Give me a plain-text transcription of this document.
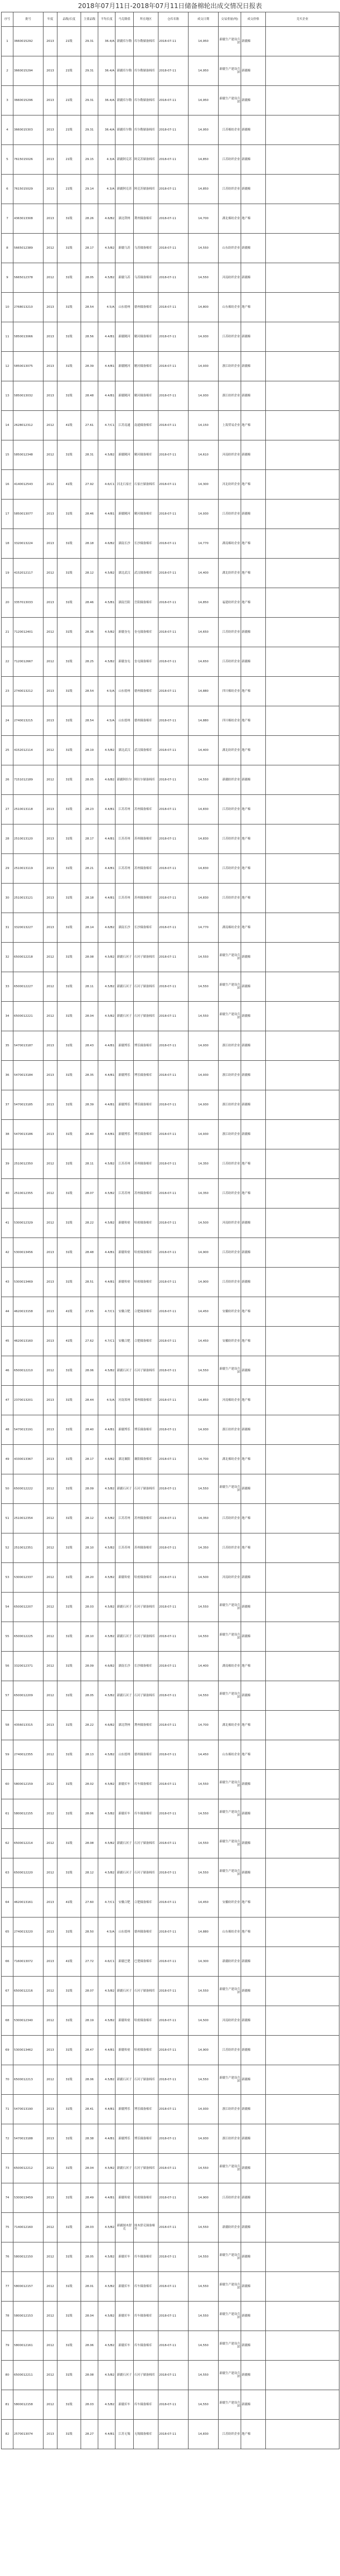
2018年07月11日-2018年07月11日储备棉轮出成交情况日报表
序号	批号	年度	品级/长度	主要品级	平均长度	马克隆值	所在地区	仓库名称	成交日期	交易重量(吨)	成交价格	竞买企业
1	3660015292	2013	21级	29.31	36.4/A	新疆库尔勒	库尔勒储备棉库	2018-07-11	14,950	新疆生产建设兵团	新疆棉	
2	3660015294	2013	21级	29.31	36.4/A	新疆库尔勒	库尔勒储备棉库	2018-07-11	14,950	新疆生产建设兵团	新疆棉	
3	3660015296	2013	21级	29.31	36.4/A	新疆库尔勒	库尔勒储备棉库	2018-07-11	14,950	新疆生产建设兵团	新疆棉	
4	3660015303	2013	21级	29.31	36.4/A	新疆库尔勒	库尔勒储备棉库	2018-07-11	14,950	江苏棉纺企业	新疆棉	
5	7615015026	2013	21级	29.15	4.3/A	新疆阿克苏	阿克苏储备棉库	2018-07-11	14,850	江苏纺织企业	新疆棉	
6	7615015029	2013	21级	29.14	4.3/A	新疆阿克苏	阿克苏储备棉库	2018-07-11	14,850	江苏纺织企业	新疆棉	
7	4363013308	2013	31级	28.26	4.6/B2	湖北荆州	荆州储备棉库	2018-07-11	14,700	湖北棉纺企业	地产棉	
8	5665012389	2012	31级	28.17	4.5/B2	新疆乌苏	乌苏储备棉库	2018-07-11	14,550	山东纺织企业	新疆棉	
9	5665012378	2012	31级	28.05	4.5/B2	新疆乌苏	乌苏储备棉库	2018-07-11	14,550	河南纺织企业	新疆棉	
10	2768013210	2013	31级	28.54	4.5/A	山东德州	德州储备棉库	2018-07-11	14,800	山东棉纺企业	地产棉	
11	5850013066	2013	31级	28.56	4.4/B1	新疆精河	精河储备棉库	2018-07-11	14,930	江苏纺织企业	新疆棉	
12	5850013075	2013	31级	28.39	4.4/B1	新疆精河	精河储备棉库	2018-07-11	14,930	浙江纺织企业	新疆棉	
13	5850013032	2013	31级	28.48	4.4/B1	新疆精河	精河储备棉库	2018-07-11	14,930	浙江纺织企业	新疆棉	
14	2628012312	2012	41级	27.61	4.7/C1	江苏南通	南通储备棉库	2018-07-11	14,150	上海贸易企业	地产棉	
15	5850012348	2012	31级	28.31	4.5/B2	新疆精河	精河储备棉库	2018-07-11	14,610	河南纺织企业	新疆棉	
16	4140012543	2012	41级	27.92	4.6/C1	河北石家庄	石家庄储备棉库	2018-07-11	14,300	河北纺织企业	地产棉	
17	5850013077	2013	31级	28.46	4.4/B1	新疆精河	精河储备棉库	2018-07-11	14,930	江苏纺织企业	新疆棉	
18	3320013224	2013	31级	28.18	4.6/B2	湖南长沙	长沙储备棉库	2018-07-11	14,770	湖南棉纺企业	地产棉	
19	4152012117	2012	31级	28.12	4.5/B2	湖北武汉	武汉储备棉库	2018-07-11	14,400	湖北纺织企业	地产棉	
20	3357013033	2013	31级	28.46	4.5/B1	湖南岳阳	岳阳储备棉库	2018-07-11	14,850	福建纺织企业	地产棉	
21	7120012401	2012	31级	28.36	4.5/B2	新疆奎屯	奎屯储备棉库	2018-07-11	14,650	江苏纺织企业	新疆棉	
22	7120012667	2012	31级	28.25	4.5/B2	新疆奎屯	奎屯储备棉库	2018-07-11	14,650	江苏纺织企业	新疆棉	
23	2740013212	2013	31级	28.54	4.5/A	山东德州	德州储备棉库	2018-07-11	14,880	四川棉纺企业	地产棉	
24	2740013215	2013	31级	28.54	4.5/A	山东德州	德州储备棉库	2018-07-11	14,880	四川棉纺企业	地产棉	
25	4152012114	2012	31级	28.19	4.5/B2	湖北武汉	武汉储备棉库	2018-07-11	14,400	湖北纺织企业	地产棉	
26	7151012189	2012	31级	28.05	4.6/B2	新疆阿拉尔	阿拉尔储备棉库	2018-07-11	14,550	新疆纺织企业	新疆棉	
27	2510013118	2013	31级	28.23	4.4/B1	江苏苏州	苏州储备棉库	2018-07-11	14,830	江苏纺织企业	地产棉	
28	2510013120	2013	31级	28.17	4.4/B1	江苏苏州	苏州储备棉库	2018-07-11	14,830	江苏纺织企业	地产棉	
29	2510013119	2013	31级	28.21	4.4/B1	江苏苏州	苏州储备棉库	2018-07-11	14,830	江苏纺织企业	地产棉	
30	2510013121	2013	31级	28.18	4.4/B1	江苏苏州	苏州储备棉库	2018-07-11	14,830	江苏纺织企业	地产棉	
31	3320013227	2013	31级	28.14	4.6/B2	湖南长沙	长沙储备棉库	2018-07-11	14,770	湖南棉纺企业	地产棉	
32	6500012218	2012	31级	28.08	4.5/B2	新疆石河子	石河子储备棉库	2018-07-11	14,550	新疆生产建设兵团	新疆棉	
33	6500012227	2012	31级	28.11	4.5/B2	新疆石河子	石河子储备棉库	2018-07-11	14,550	新疆生产建设兵团	新疆棉	
34	6500012221	2012	31级	28.04	4.5/B2	新疆石河子	石河子储备棉库	2018-07-11	14,550	新疆生产建设兵团	新疆棉	
35	5470013187	2013	31级	28.43	4.4/B1	新疆博乐	博乐储备棉库	2018-07-11	14,930	浙江纺织企业	新疆棉	
36	5470013184	2013	31级	28.35	4.4/B1	新疆博乐	博乐储备棉库	2018-07-11	14,930	浙江纺织企业	新疆棉	
37	5470013185	2013	31级	28.39	4.4/B1	新疆博乐	博乐储备棉库	2018-07-11	14,930	浙江纺织企业	新疆棉	
38	5470013186	2013	31级	28.40	4.4/B1	新疆博乐	博乐储备棉库	2018-07-11	14,930	浙江纺织企业	新疆棉	
39	2510012350	2012	31级	28.11	4.5/B2	江苏苏州	苏州储备棉库	2018-07-11	14,350	江苏纺织企业	地产棉	
40	2510012355	2012	31级	28.07	4.5/B2	江苏苏州	苏州储备棉库	2018-07-11	14,350	江苏纺织企业	地产棉	
41	5300012329	2012	31级	28.22	4.5/B2	新疆哈密	哈密储备棉库	2018-07-11	14,500	河南纺织企业	新疆棉	
42	5300013456	2013	31级	28.48	4.4/B1	新疆哈密	哈密储备棉库	2018-07-11	14,900	江苏纺织企业	新疆棉	
43	5300013469	2013	31级	28.51	4.4/B1	新疆哈密	哈密储备棉库	2018-07-11	14,900	江苏纺织企业	新疆棉	
44	4620013158	2013	41级	27.65	4.7/C1	安徽合肥	合肥储备棉库	2018-07-11	14,450	安徽纺织企业	地产棉	
45	4620013160	2013	41级	27.62	4.7/C1	安徽合肥	合肥储备棉库	2018-07-11	14,450	安徽纺织企业	地产棉	
46	6500012210	2012	31级	28.06	4.5/B2	新疆石河子	石河子储备棉库	2018-07-11	14,550	新疆生产建设兵团	新疆棉	
47	2370013201	2013	31级	28.44	4.5/A	河南郑州	郑州储备棉库	2018-07-11	14,850	河南棉纺企业	地产棉	
48	5470013191	2013	31级	28.40	4.4/B1	新疆博乐	博乐储备棉库	2018-07-11	14,930	浙江纺织企业	新疆棉	
49	4330013367	2013	31级	28.17	4.6/B2	湖北襄阳	襄阳储备棉库	2018-07-11	14,700	湖北棉纺企业	地产棉	
50	6500012222	2012	31级	28.09	4.5/B2	新疆石河子	石河子储备棉库	2018-07-11	14,550	新疆生产建设兵团	新疆棉	
51	2510012354	2012	31级	28.12	4.5/B2	江苏苏州	苏州储备棉库	2018-07-11	14,350	江苏纺织企业	地产棉	
52	2510012351	2012	31级	28.10	4.5/B2	江苏苏州	苏州储备棉库	2018-07-11	14,350	江苏纺织企业	地产棉	
53	5300012337	2012	31级	28.20	4.5/B2	新疆哈密	哈密储备棉库	2018-07-11	14,500	河南纺织企业	新疆棉	
54	6500012207	2012	31级	28.03	4.5/B2	新疆石河子	石河子储备棉库	2018-07-11	14,550	新疆生产建设兵团	新疆棉	
55	6500012225	2012	31级	28.10	4.5/B2	新疆石河子	石河子储备棉库	2018-07-11	14,550	新疆生产建设兵团	新疆棉	
56	3320012371	2012	31级	28.09	4.6/B2	湖南长沙	长沙储备棉库	2018-07-11	14,400	湖南棉纺企业	地产棉	
57	6500012209	2012	31级	28.05	4.5/B2	新疆石河子	石河子储备棉库	2018-07-11	14,550	新疆生产建设兵团	新疆棉	
58	4356013315	2013	31级	28.22	4.6/B2	湖北荆州	荆州储备棉库	2018-07-11	14,700	湖北棉纺企业	地产棉	
59	2740012355	2012	31级	28.13	4.5/B2	山东德州	德州储备棉库	2018-07-11	14,450	山东棉纺企业	地产棉	
60	5800012159	2012	31级	28.02	4.5/B2	新疆库车	库车储备棉库	2018-07-11	14,550	新疆生产建设兵团	新疆棉	
61	5800012155	2012	31级	28.06	4.5/B2	新疆库车	库车储备棉库	2018-07-11	14,550	新疆生产建设兵团	新疆棉	
62	6500012214	2012	31级	28.08	4.5/B2	新疆石河子	石河子储备棉库	2018-07-11	14,550	新疆生产建设兵团	新疆棉	
63	6500012220	2012	31级	28.12	4.5/B2	新疆石河子	石河子储备棉库	2018-07-11	14,550	新疆生产建设兵团	新疆棉	
64	4620013161	2013	41级	27.60	4.7/C1	安徽合肥	合肥储备棉库	2018-07-11	14,450	安徽纺织企业	地产棉	
65	2740013220	2013	31级	28.50	4.5/A	山东德州	德州储备棉库	2018-07-11	14,880	山东棉纺企业	地产棉	
66	7160013072	2013	41级	27.72	4.6/C1	新疆巴楚	巴楚储备棉库	2018-07-11	14,300	新疆纺织企业	新疆棉	
67	6500012216	2012	31级	28.07	4.5/B2	新疆石河子	石河子储备棉库	2018-07-11	14,550	新疆生产建设兵团	新疆棉	
68	5300012340	2012	31级	28.19	4.5/B2	新疆哈密	哈密储备棉库	2018-07-11	14,500	河南纺织企业	新疆棉	
69	5300013462	2013	31级	28.47	4.4/B1	新疆哈密	哈密储备棉库	2018-07-11	14,900	江苏纺织企业	新疆棉	
70	6500012213	2012	31级	28.06	4.5/B2	新疆石河子	石河子储备棉库	2018-07-11	14,550	新疆生产建设兵团	新疆棉	
71	5470013190	2013	31级	28.41	4.4/B1	新疆博乐	博乐储备棉库	2018-07-11	14,930	浙江纺织企业	新疆棉	
72	5470013188	2013	31级	28.38	4.4/B1	新疆博乐	博乐储备棉库	2018-07-11	14,930	浙江纺织企业	新疆棉	
73	6500012212	2012	31级	28.04	4.5/B2	新疆石河子	石河子储备棉库	2018-07-11	14,550	新疆生产建设兵团	新疆棉	
74	5300013459	2013	31级	28.49	4.4/B1	新疆哈密	哈密储备棉库	2018-07-11	14,900	江苏纺织企业	新疆棉	
75	7140012160	2012	31级	28.03	4.5/B2	新疆图木舒克	图木舒克储备棉库	2018-07-11	14,550	新疆纺织企业	新疆棉	
76	5800012150	2012	31级	28.05	4.5/B2	新疆库车	库车储备棉库	2018-07-11	14,550	新疆生产建设兵团	新疆棉	
77	5800012157	2012	31级	28.01	4.5/B2	新疆库车	库车储备棉库	2018-07-11	14,550	新疆生产建设兵团	新疆棉	
78	5800012153	2012	31级	28.04	4.5/B2	新疆库车	库车储备棉库	2018-07-11	14,550	新疆生产建设兵团	新疆棉	
79	5800012161	2012	31级	28.06	4.5/B2	新疆库车	库车储备棉库	2018-07-11	14,550	新疆生产建设兵团	新疆棉	
80	6500012211	2012	31级	28.08	4.5/B2	新疆石河子	石河子储备棉库	2018-07-11	14,550	新疆生产建设兵团	新疆棉	
81	5800012158	2012	31级	28.03	4.5/B2	新疆库车	库车储备棉库	2018-07-11	14,550	新疆生产建设兵团	新疆棉	
82	2570013074	2013	31级	28.27	4.4/B1	江苏无锡	无锡储备棉库	2018-07-11	14,830	江苏纺织企业	地产棉	
